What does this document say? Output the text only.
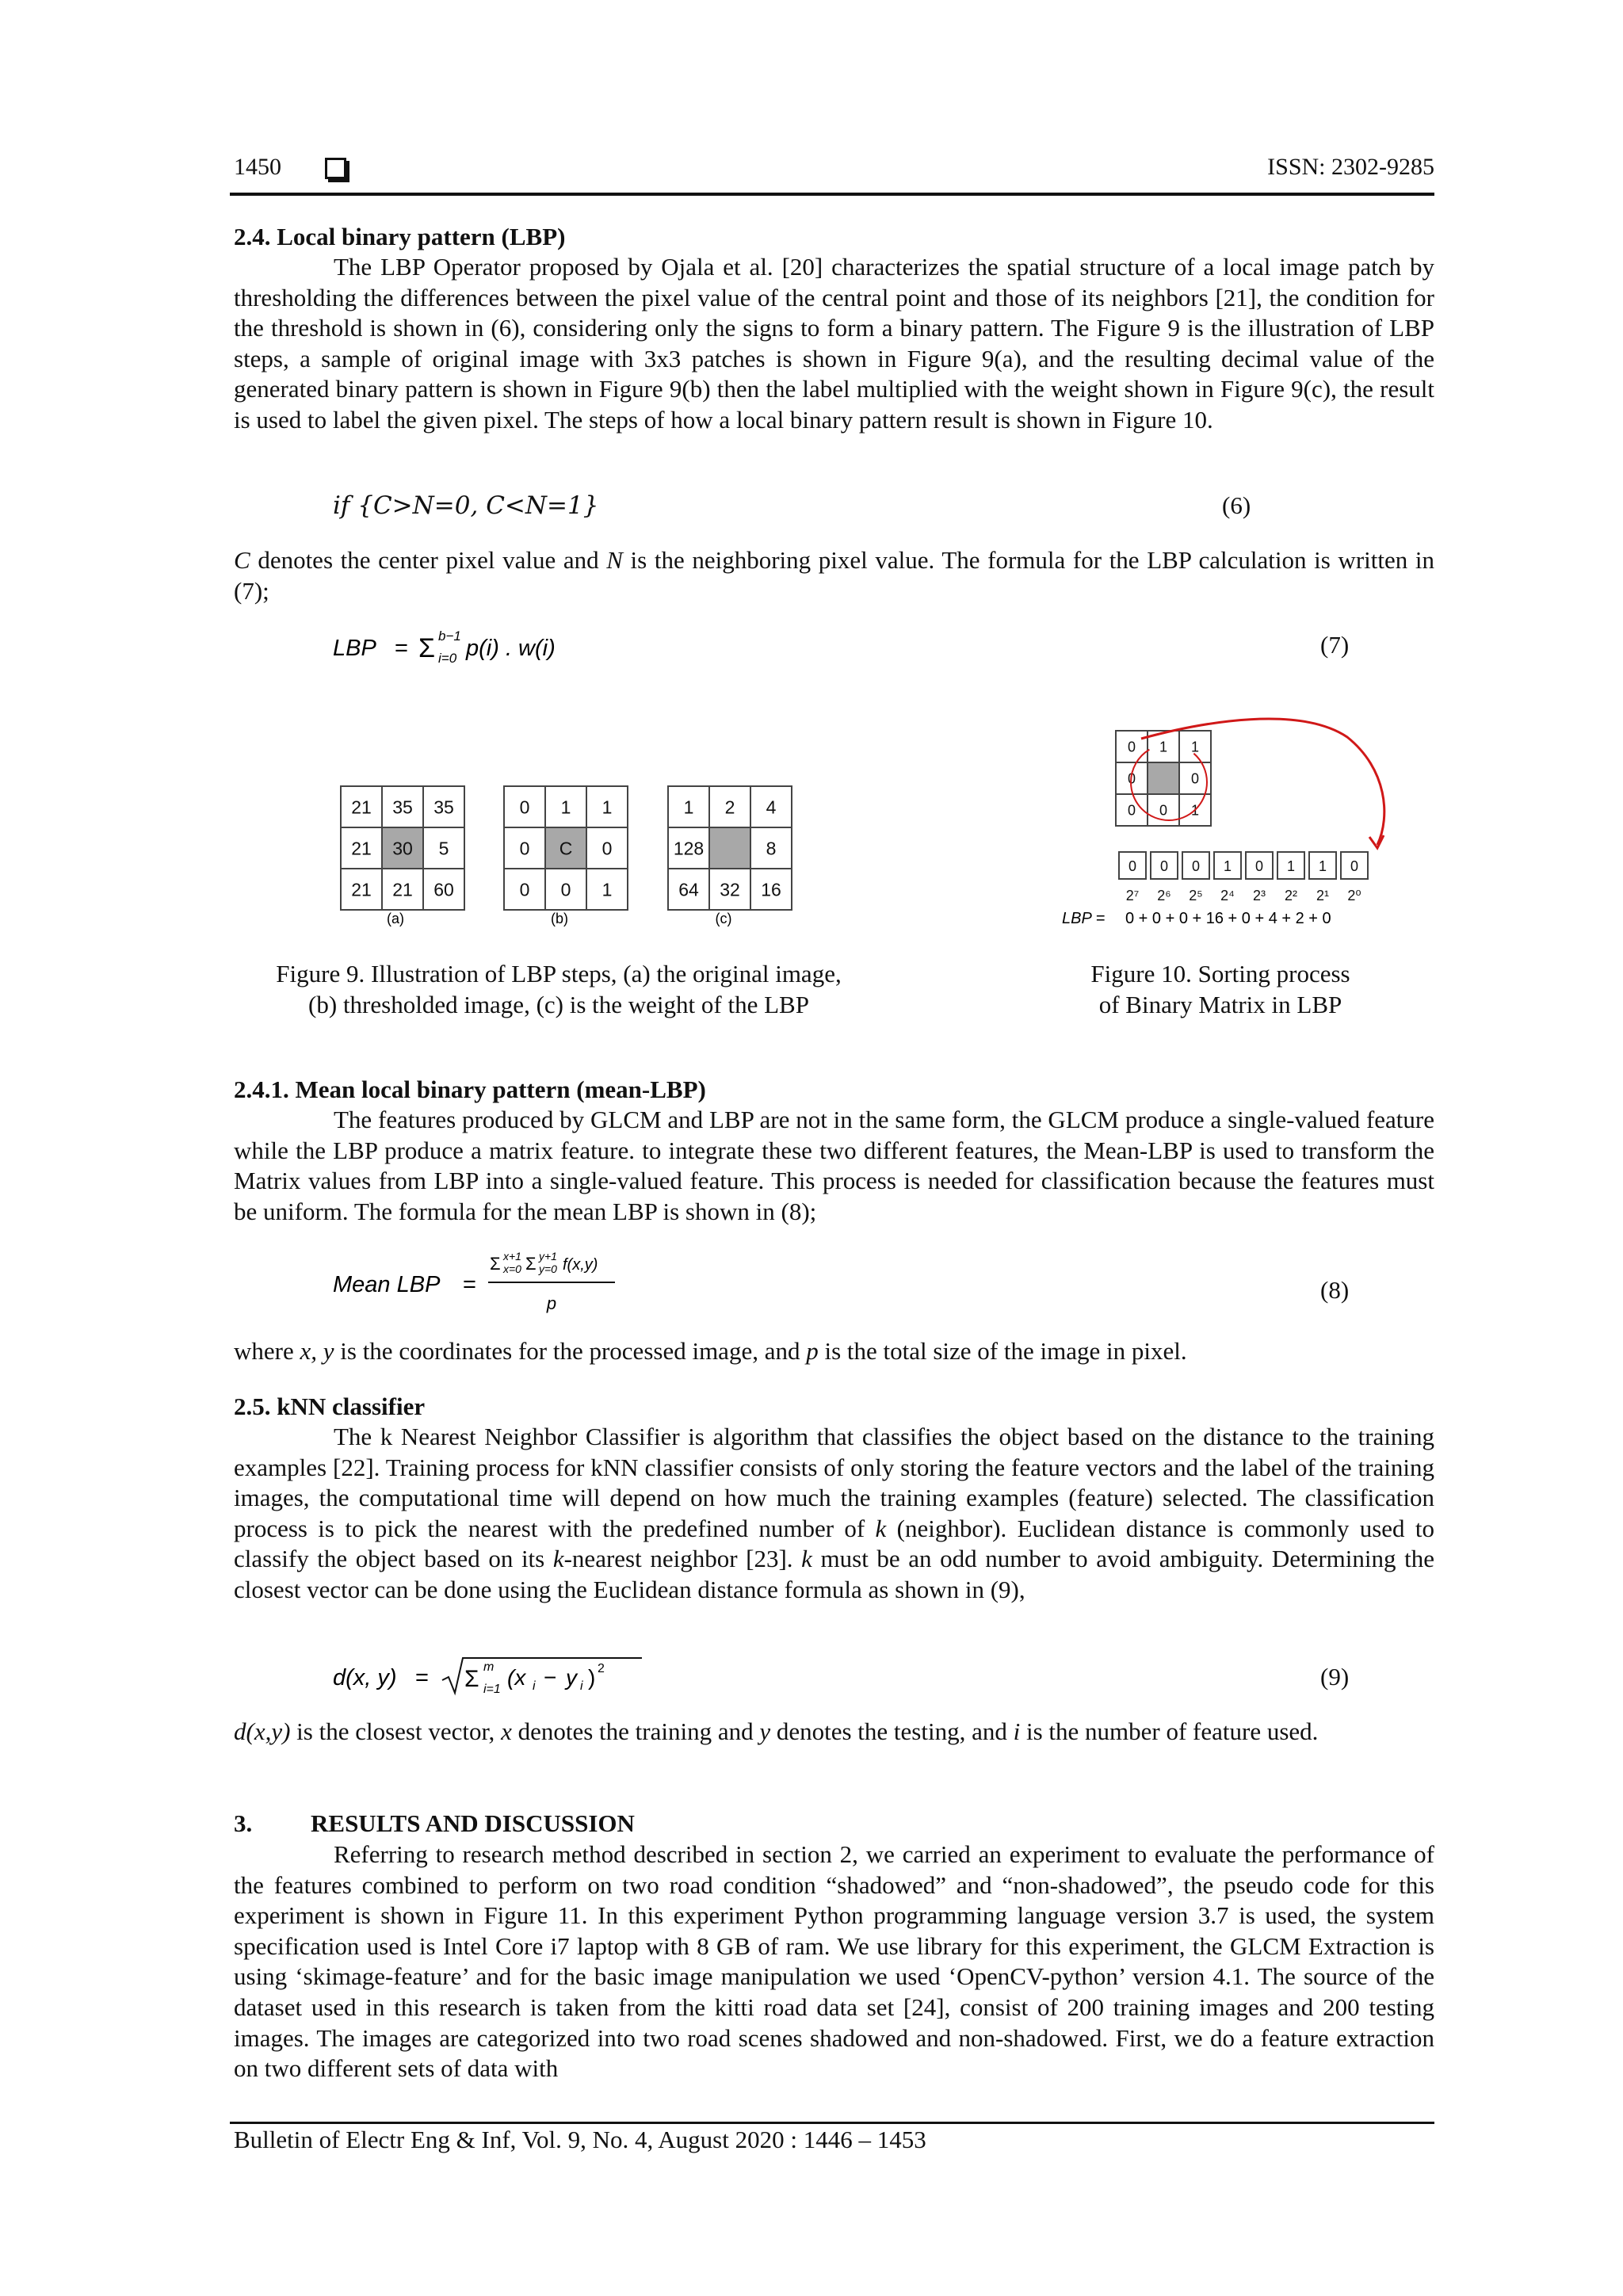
1450	ISSN: 2302-9285
2.4. Local binary pattern (LBP)
The LBP Operator proposed by Ojala et al. [20] characterizes the spatial structure of a local image patch by thresholding the differences between the pixel value of the central point and those of its neighbors [21], the condition for the threshold is shown in (6), considering only the signs to form a binary pattern. The Figure 9 is the illustration of LBP steps, a sample of original image with 3x3 patches is shown in Figure 9(a), and the resulting decimal value of the generated binary pattern is shown in Figure 9(b) then the label multiplied with the weight shown in Figure 9(c), the result is used to label the given pixel. The steps of how a local binary pattern result is shown in Figure 10.
if {C>N=0, C<N=1}	(6)
C denotes the center pixel value and N is the neighboring pixel value. The formula for the LBP calculation is written in (7);
LBP = Σ b−1
i=0 p(i) . w(i)	(7)
21 35 35
21 30 5
21 21 60
0 1 1
0 C 0
0 0 1
1 2 4
128	8
64 32 16
(a)	(b)	(c)
0 1 1
0	0
0 0 1
0 0 0 1 0 1 1 0
2⁷ 2⁶ 2⁵ 2⁴ 2³ 2² 2¹ 2⁰
LBP = 0 + 0 + 0 + 16 + 0 + 4 + 2 + 0
Figure 9. Illustration of LBP steps, (a) the original image,
(b) thresholded image, (c) is the weight of the LBP
Figure 10. Sorting process
of Binary Matrix in LBP
2.4.1. Mean local binary pattern (mean-LBP)
The features produced by GLCM and LBP are not in the same form, the GLCM produce a single-valued feature while the LBP produce a matrix feature. to integrate these two different features, the Mean-LBP is used to transform the Matrix values from LBP into a single-valued feature. This process is needed for classification because the features must be uniform. The formula for the mean LBP is shown in (8);
Mean LBP =
Σ x+1
x=0 Σ y+1
y=0 f(x,y)
p	(8)
where x, y is the coordinates for the processed image, and p is the total size of the image in pixel.
2.5. kNN classifier
The k Nearest Neighbor Classifier is algorithm that classifies the object based on the distance to the training examples [22]. Training process for kNN classifier consists of only storing the feature vectors and the label of the training images, the computational time will depend on how much the training examples (feature) selected. The classification process is to pick the nearest with the predefined number of k (neighbor). Euclidean distance is commonly used to classify the object based on its k-nearest neighbor [23]. k must be an odd number to avoid ambiguity. Determining the closest vector can be done using the Euclidean distance formula as shown in (9),
d(x, y) = Σ m
i=1 (x i − y i ) 2	(9)
d(x,y) is the closest vector, x denotes the training and y denotes the testing, and i is the number of feature used.
3. RESULTS AND DISCUSSION
Referring to research method described in section 2, we carried an experiment to evaluate the performance of the features combined to perform on two road condition “shadowed” and “non-shadowed”, the pseudo code for this experiment is shown in Figure 11. In this experiment Python programming language version 3.7 is used, the system specification used is Intel Core i7 laptop with 8 GB of ram. We use library for this experiment, the GLCM Extraction is using ‘skimage-feature’ and for the basic image manipulation we used ‘OpenCV-python’ version 4.1. The source of the dataset used in this research is taken from the kitti road data set [24], consist of 200 training images and 200 testing images. The images are categorized into two road scenes shadowed and non-shadowed. First, we do a feature extraction on two different sets of data with
Bulletin of Electr Eng & Inf, Vol. 9, No. 4, August 2020 : 1446 – 1453
